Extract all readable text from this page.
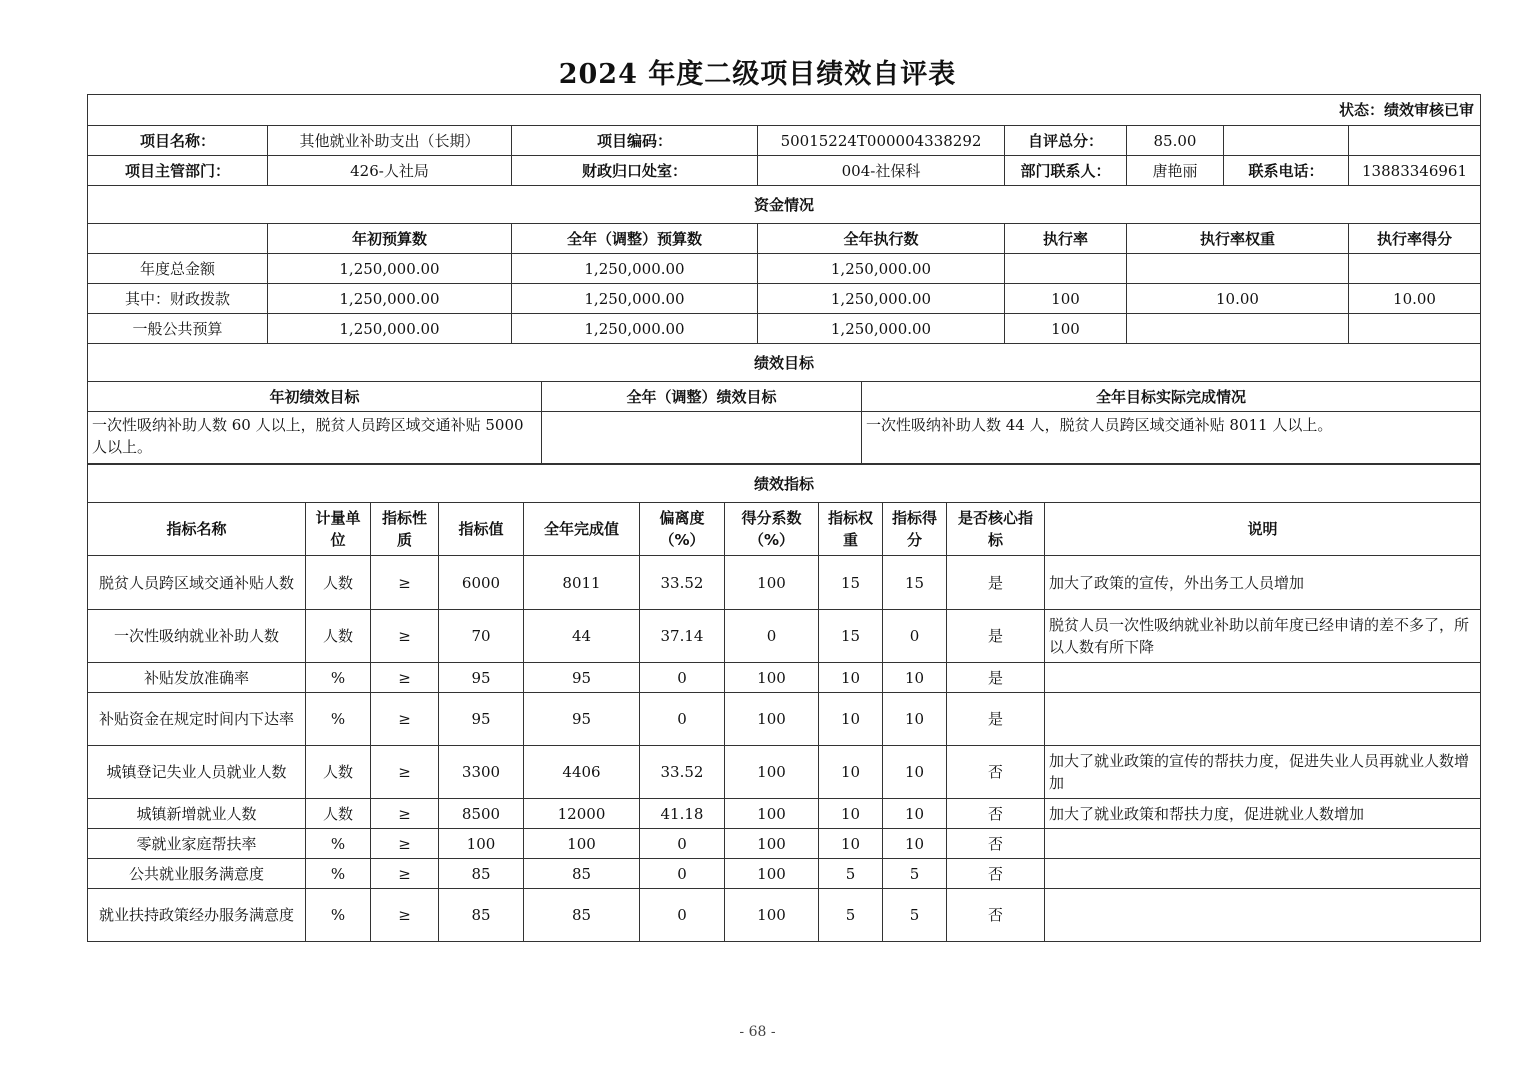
2024 年度二级项目绩效自评表
状态：绩效审核已审							
项目名称：	其他就业补助支出（长期）	项目编码：	50015224T000004338292	自评总分：	85.00		
项目主管部门：	426-人社局	财政归口处室：	004-社保科	部门联系人：	唐艳丽	联系电话：	13883346961
资金情况							
	年初预算数	全年（调整）预算数	全年执行数	执行率	执行率权重		执行率得分
年度总金额	1,250,000.00	1,250,000.00	1,250,000.00				
其中：财政拨款	1,250,000.00	1,250,000.00	1,250,000.00	100	10.00		10.00
一般公共预算	1,250,000.00	1,250,000.00	1,250,000.00	100			
绩效目标		
年初绩效目标	全年（调整）绩效目标	全年目标实际完成情况
一次性吸纳补助人数 60 人以上，脱贫人员跨区域交通补贴 5000 人以上。		一次性吸纳补助人数 44 人，脱贫人员跨区域交通补贴 8011 人以上。
绩效指标										
指标名称	计量单位	指标性质	指标值	全年完成值	偏离度（%）	得分系数（%）	指标权重	指标得分	是否核心指标	说明
脱贫人员跨区域交通补贴人数	人数	≥	6000	8011	33.52	100	15	15	是	加大了政策的宣传，外出务工人员增加
一次性吸纳就业补助人数	人数	≥	70	44	37.14	0	15	0	是	脱贫人员一次性吸纳就业补助以前年度已经申请的差不多了，所以人数有所下降
补贴发放准确率	%	≥	95	95	0	100	10	10	是	
补贴资金在规定时间内下达率	%	≥	95	95	0	100	10	10	是	
城镇登记失业人员就业人数	人数	≥	3300	4406	33.52	100	10	10	否	加大了就业政策的宣传的帮扶力度，促进失业人员再就业人数增加
城镇新增就业人数	人数	≥	8500	12000	41.18	100	10	10	否	加大了就业政策和帮扶力度，促进就业人数增加
零就业家庭帮扶率	%	≥	100	100	0	100	10	10	否	
公共就业服务满意度	%	≥	85	85	0	100	5	5	否	
就业扶持政策经办服务满意度	%	≥	85	85	0	100	5	5	否	
- 68 -
